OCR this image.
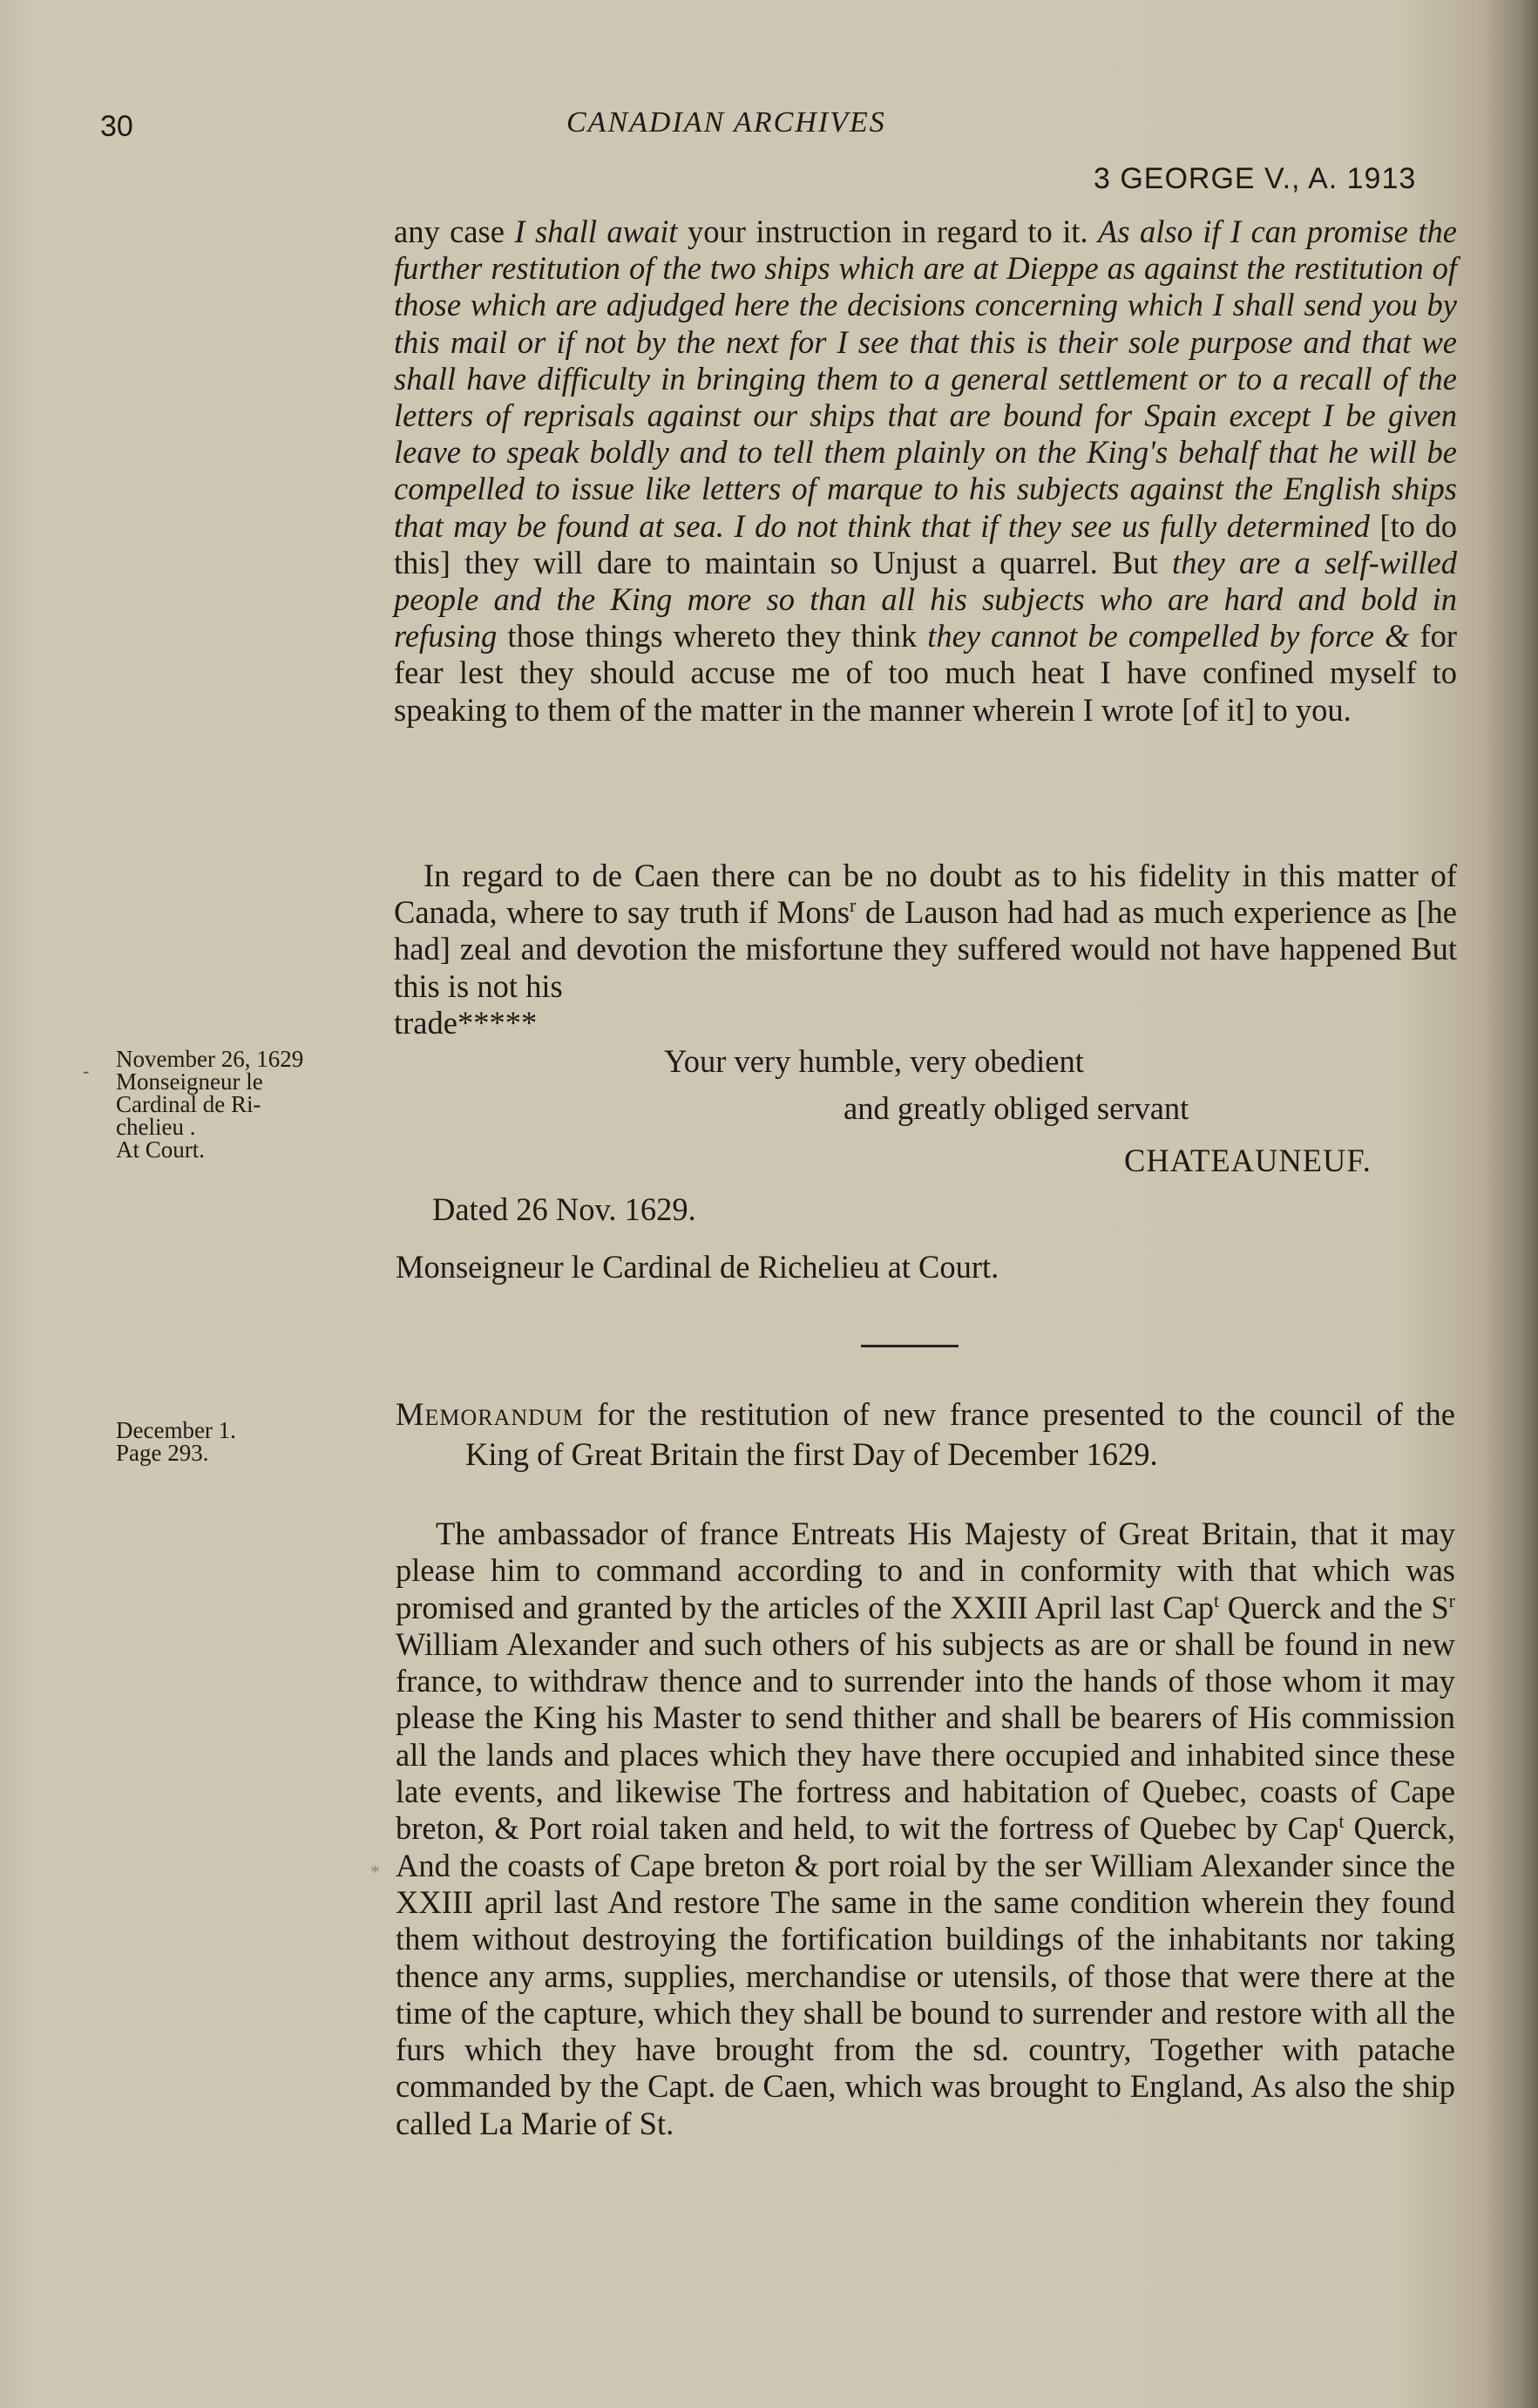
30	CANADIAN ARCHIVES
3 GEORGE V., A. 1913
any case I shall await your instruction in regard to it. As also if I can promise the further restitution of the two ships which are at Dieppe as against the restitution of those which are adjudged here the decisions concerning which I shall send you by this mail or if not by the next for I see that this is their sole purpose and that we shall have difficulty in bringing them to a general settlement or to a recall of the letters of reprisals against our ships that are bound for Spain except I be given leave to speak boldly and to tell them plainly on the King's behalf that he will be compelled to issue like letters of marque to his subjects against the English ships that may be found at sea. I do not think that if they see us fully determined [to do this] they will dare to maintain so Unjust a quarrel. But they are a self-willed people and the King more so than all his subjects who are hard and bold in refusing those things whereto they think they cannot be compelled by force & for fear lest they should accuse me of too much heat I have confined myself to speaking to them of the matter in the manner wherein I wrote [of it] to you.
In regard to de Caen there can be no doubt as to his fidelity in this matter of Canada, where to say truth if Mons$^r$ de Lauson had had as much experience as [he had] zeal and devotion the misfortune they suffered would not have happened But this is not his
trade*****
‑ November 26, 1629
Monseigneur le
Cardinal de Ri-
chelieu .
At Court.
Your very humble, very obedient
and greatly obliged servant
CHATEAUNEUF.
Dated 26 Nov. 1629.
Monseigneur le Cardinal de Richelieu at Court.
December 1.
Page 293.
Memorandum for the restitution of new france presented to the council of the King of Great Britain the first Day of December 1629.
The ambassador of france Entreats His Majesty of Great Britain, that it may please him to command according to and in conformity with that which was promised and granted by the articles of the XXIII April last Cap$^t$ Querck and the $S^r$ William Alexander and such others of his subjects as are or shall be found in new france, to withdraw thence and to surrender into the hands of those whom it may please the King his Master to send thither and shall be bearers of His commission all the lands and places which they have there occupied and inhabited since these late events, and likewise The fortress and habitation of Quebec, coasts of Cape breton, & Port roial taken and held, to wit the fortress of Quebec by Cap$^t$ Querck, And the coasts of Cape breton & port roial by the ser William Alexander since the XXIII april last And restore The same in the same condition wherein they found them without destroying the fortification buildings of the inhabitants nor taking thence any arms, supplies, merchandise or utensils, of those that were there at the time of the capture, which they shall be bound to surrender and restore with all the furs which they have brought from the sd. country, Together with patache commanded by the Capt. de Caen, which was brought to England, As also the ship called La Marie of St.
*
